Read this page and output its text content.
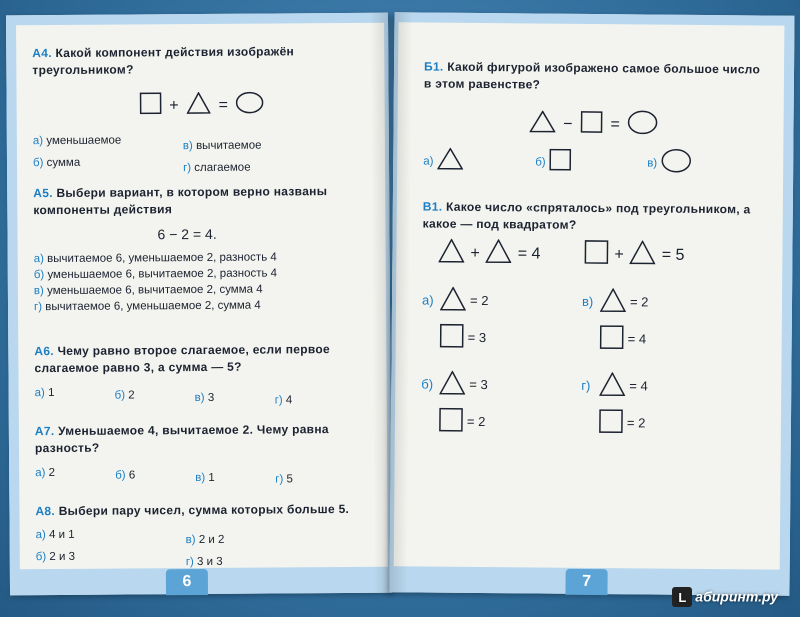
6
А4. Какой компонент действия изображён треугольником?
+ =
а) уменьшаемое	в) вычитаемое
б) сумма	г) слагаемое
А5. Выбери вариант, в котором верно названы компоненты действия
6 − 2 = 4.
а) вычитаемое 6, уменьшаемое 2, разность 4
б) уменьшаемое 6, вычитаемое 2, разность 4
в) уменьшаемое 6, вычитаемое 2, сумма 4
г) вычитаемое 6, уменьшаемое 2, сумма 4
А6. Чему равно второе слагаемое, если первое слагаемое равно 3, а сумма — 5?
а) 1	б) 2	в) 3	г) 4
А7. Уменьшаемое 4, вычитаемое 2. Чему равна разность?
а) 2	б) 6	в) 1	г) 5
А8. Выбери пару чисел, сумма которых больше 5.
а) 4 и 1	в) 2 и 2
б) 2 и 3	г) 3 и 3
7
Б1. Какой фигурой изображено самое большое число в этом равенстве?
− =
а)	б)	в)
В1. Какое число «спряталось» под треугольником, а какое — под квадратом?
+ = 4	+ = 5
а)	= 2
= 3
в)	= 2
= 4
б)	= 3
= 2
г)	= 4
= 2
L абиринт.ру
